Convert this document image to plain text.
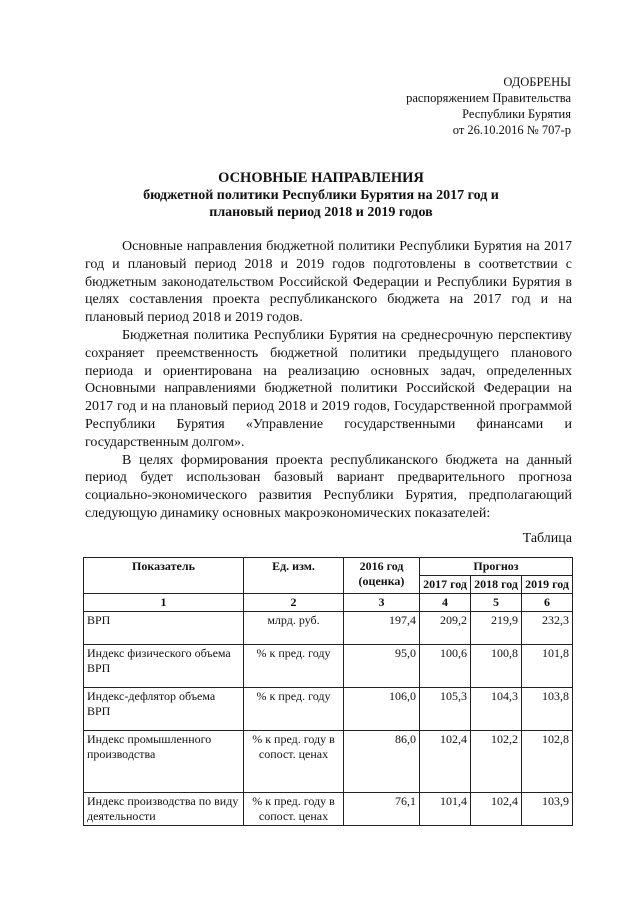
ОДОБРЕНЫ
распоряжением Правительства
Республики Бурятия
от 26.10.2016 № 707-р
ОСНОВНЫЕ НАПРАВЛЕНИЯ
бюджетной политики Республики Бурятия на 2017 год и
плановый период 2018 и 2019 годов

Основные направления бюджетной политики Республики Бурятия на 2017 год и плановый период 2018 и 2019 годов подготовлены в соответствии с бюджетным законодательством Российской Федерации и Республики Бурятия в целях составления проекта республиканского бюджета на 2017 год и на плановый период 2018 и 2019 годов.

Бюджетная политика Республики Бурятия на среднесрочную перспективу сохраняет преемственность бюджетной политики предыдущего планового периода и ориентирована на реализацию основных задач, определенных Основными направлениями бюджетной политики Российской Федерации на 2017 год и на плановый период 2018 и 2019 годов, Государственной программой Республики Бурятия «Управление государственными финансами и государственным долгом».

В целях формирования проекта республиканского бюджета на данный период будет использован базовый вариант предварительного прогноза социально-экономического развития Республики Бурятия, предполагающий следующую динамику основных макроэкономических показателей:

Таблица
Показатель	Ед. изм.	2016 год (оценка)	Прогноз		
			2017 год	2018 год	2019 год
1	2	3	4	5	6
ВРП	млрд. руб.	197,4	209,2	219,9	232,3
Индекс физического объема ВРП	% к пред. году	95,0	100,6	100,8	101,8
Индекс-дефлятор объема ВРП	% к пред. году	106,0	105,3	104,3	103,8
Индекс промышленного производства	% к пред. году в сопост. ценах	86,0	102,4	102,2	102,8
Индекс производства по виду деятельности	% к пред. году в сопост. ценах	76,1	101,4	102,4	103,9
